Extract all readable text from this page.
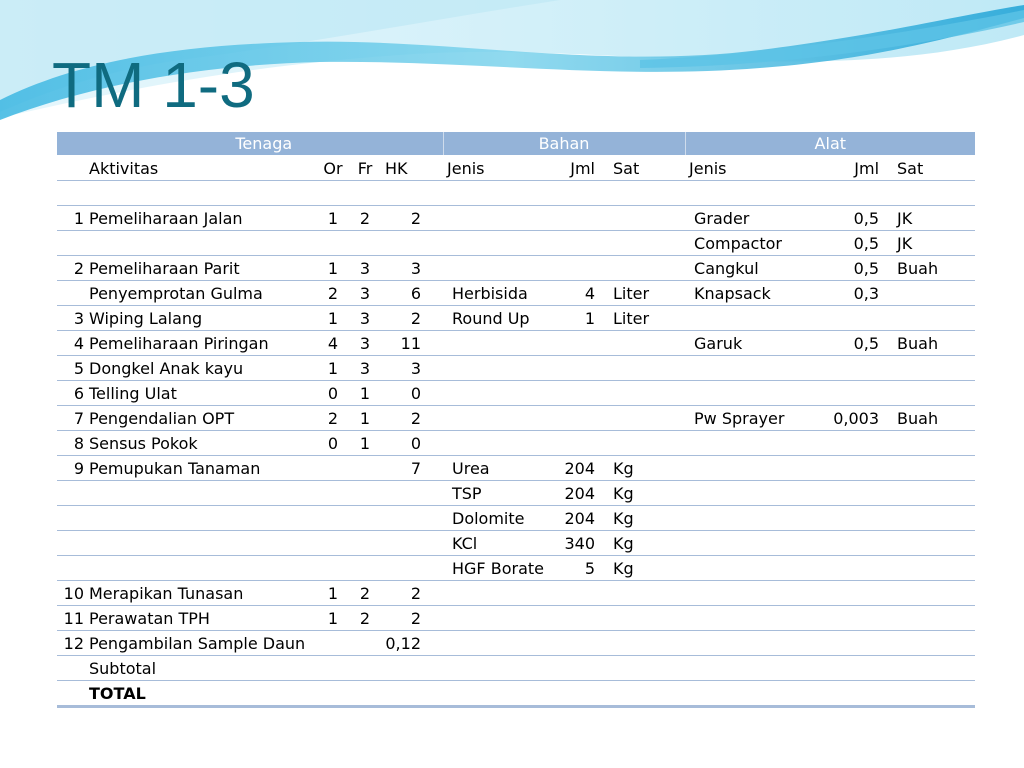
TM 1-3
	Tenaga				Bahan			Alat		
	Aktivitas	Or	Fr	HK	Jenis	Jml	Sat	Jenis	Jml	Sat

1	Pemeliharaan Jalan	1	2	2				Grader	0,5	JK
								Compactor	0,5	JK
2	Pemeliharaan Parit	1	3	3				Cangkul	0,5	Buah
	Penyemprotan Gulma	2	3	6	Herbisida	4	Liter	Knapsack	0,3	
3	Wiping Lalang	1	3	2	Round Up	1	Liter			
4	Pemeliharaan Piringan	4	3	11				Garuk	0,5	Buah
5	Dongkel Anak kayu	1	3	3						
6	Telling Ulat	0	1	0						
7	Pengendalian OPT	2	1	2				Pw Sprayer	0,003	Buah
8	Sensus Pokok	0	1	0						
9	Pemupukan Tanaman			7	Urea	204	Kg			
					TSP	204	Kg			
					Dolomite	204	Kg			
					KCl	340	Kg			
					HGF Borate	5	Kg			
10	Merapikan Tunasan	1	2	2						
11	Perawatan TPH	1	2	2						
12	Pengambilan Sample Daun			0,12						
	Subtotal									
	TOTAL									
